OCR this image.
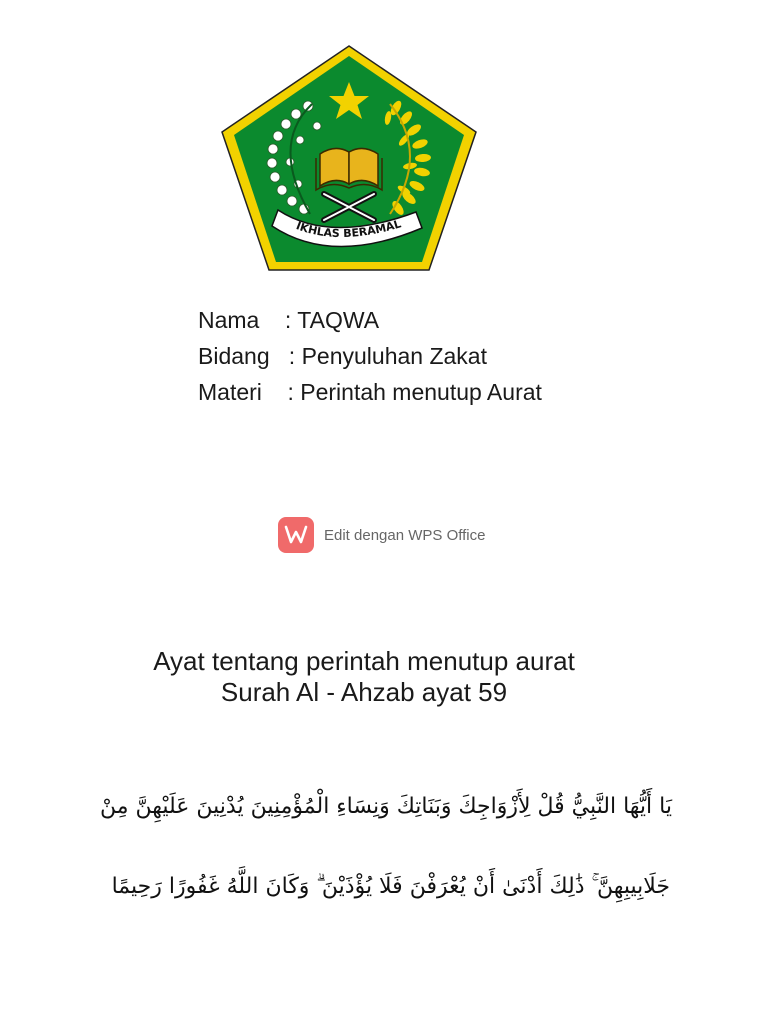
IKHLAS BERAMAL
Nama    : TAQWA
Bidang   : Penyuluhan Zakat
Materi    : Perintah menutup Aurat
Edit dengan WPS Office
Ayat tentang perintah menutup aurat
Surah Al - Ahzab ayat 59
يَا أَيُّهَا النَّبِيُّ قُلْ لِأَزْوَاجِكَ وَبَنَاتِكَ وَنِسَاءِ الْمُؤْمِنِينَ يُدْنِينَ عَلَيْهِنَّ مِنْ
جَلَابِيبِهِنَّ ۚ ذَٰلِكَ أَدْنَىٰ أَنْ يُعْرَفْنَ فَلَا يُؤْذَيْنَ ۗ وَكَانَ اللَّهُ غَفُورًا رَحِيمًا
